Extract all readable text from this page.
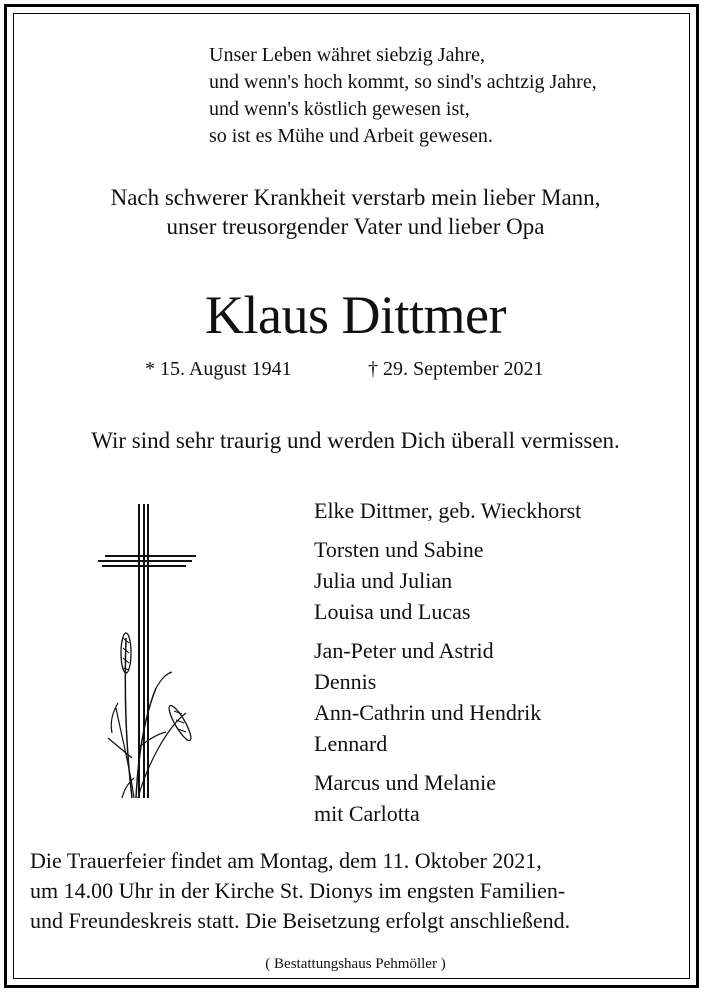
Unser Leben währet siebzig Jahre,
und wenn's hoch kommt, so sind's achtzig Jahre,
und wenn's köstlich gewesen ist,
so ist es Mühe und Arbeit gewesen.
Nach schwerer Krankheit verstarb mein lieber Mann,
unser treusorgender Vater und lieber Opa
Klaus Dittmer
* 15. August 1941	† 29. September 2021
Wir sind sehr traurig und werden Dich überall vermissen.
Elke Dittmer, geb. Wieckhorst
Torsten und Sabine
Julia und Julian
Louisa und Lucas
Jan-Peter und Astrid
Dennis
Ann-Cathrin und Hendrik
Lennard
Marcus und Melanie
mit Carlotta
Die Trauerfeier findet am Montag, dem 11. Oktober 2021,
um 14.00 Uhr in der Kirche St. Dionys im engsten Familien-
und Freundeskreis statt. Die Beisetzung erfolgt anschließend.
( Bestattungshaus Pehmöller )
